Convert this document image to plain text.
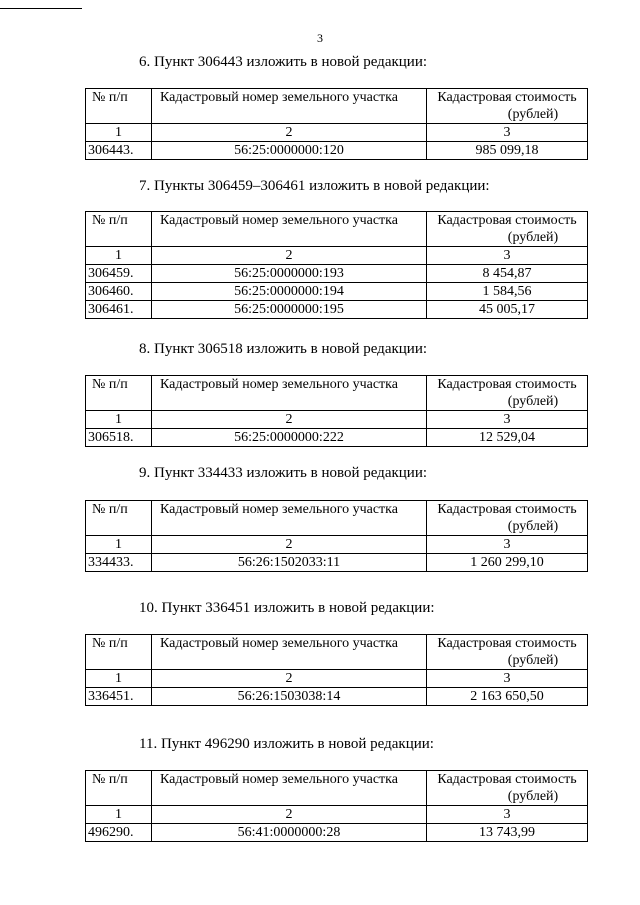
3
6. Пункт 306443 изложить в новой редакции:
№ п/п	Кадастровый номер земельного участка	Кадастровая стоимость
(рублей)

1	2	3
306443.	56:25:0000000:120	985 099,18
7. Пункты 306459–306461 изложить в новой редакции:
№ п/п	Кадастровый номер земельного участка	Кадастровая стоимость
(рублей)

1	2	3
306459.	56:25:0000000:193	8 454,87
306460.	56:25:0000000:194	1 584,56
306461.	56:25:0000000:195	45 005,17
8. Пункт 306518 изложить в новой редакции:
№ п/п	Кадастровый номер земельного участка	Кадастровая стоимость
(рублей)

1	2	3
306518.	56:25:0000000:222	12 529,04
9. Пункт 334433 изложить в новой редакции:
№ п/п	Кадастровый номер земельного участка	Кадастровая стоимость
(рублей)

1	2	3
334433.	56:26:1502033:11	1 260 299,10
10. Пункт 336451 изложить в новой редакции:
№ п/п	Кадастровый номер земельного участка	Кадастровая стоимость
(рублей)

1	2	3
336451.	56:26:1503038:14	2 163 650,50
11. Пункт 496290 изложить в новой редакции:
№ п/п	Кадастровый номер земельного участка	Кадастровая стоимость
(рублей)

1	2	3
496290.	56:41:0000000:28	13 743,99
